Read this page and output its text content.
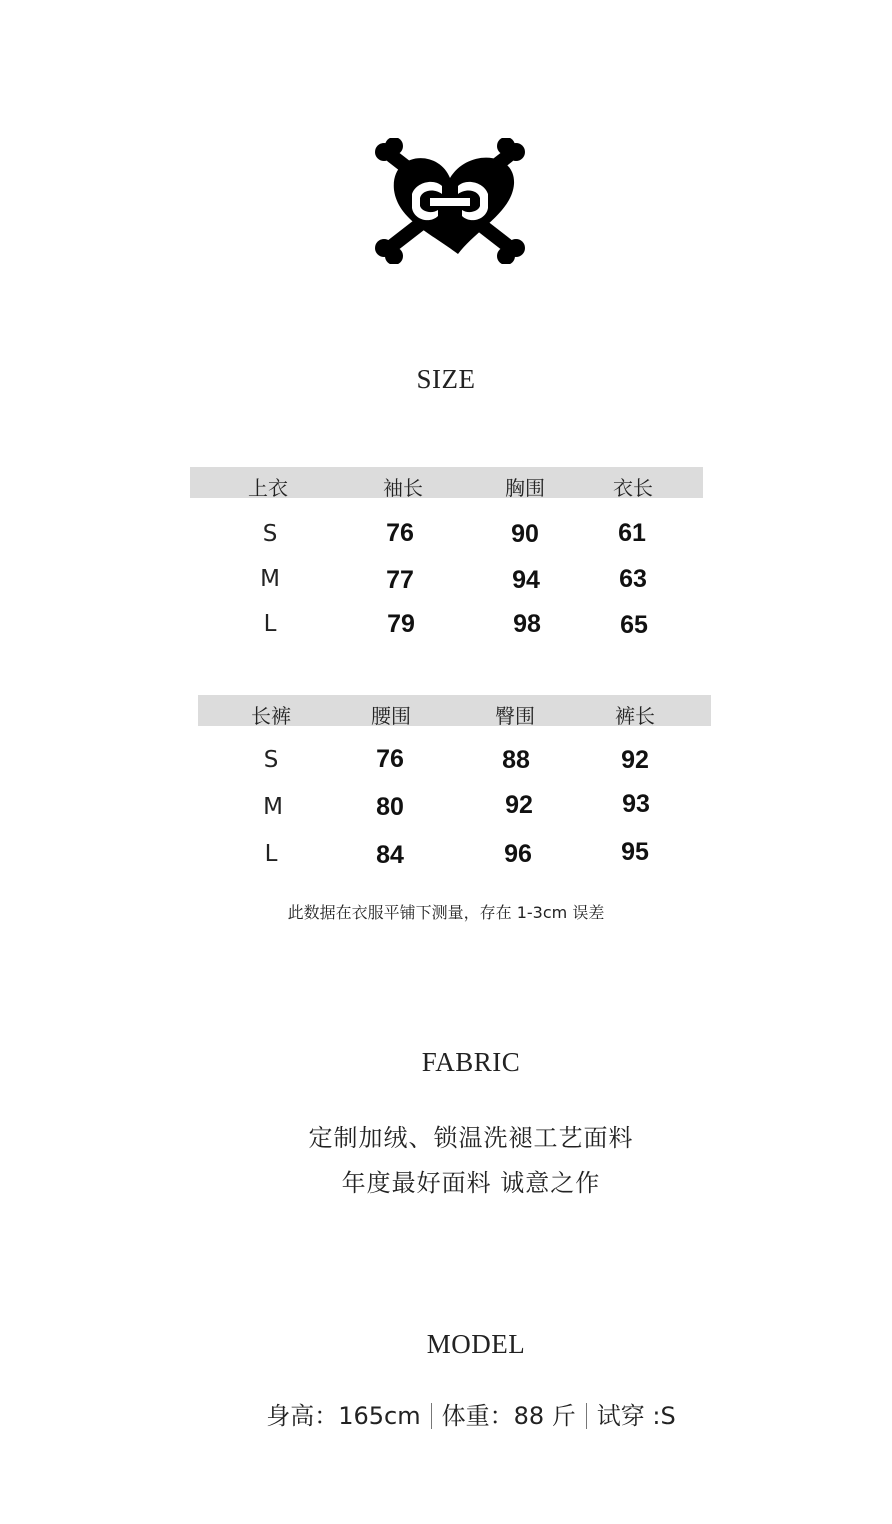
SIZE
上衣	袖长	胸围	衣长
S	76	90	61
M	77	94	63
L	79	98	65
长裤	腰围	臀围	裤长
S	76	88	92
M	80	92	93
L	84	96	95
此数据在衣服平铺下测量，存在 1-3cm 误差
FABRIC
定制加绒、锁温洗褪工艺面料
年度最好面料 诚意之作
MODEL
身高：165cm 体重：88 斤 试穿 :S
